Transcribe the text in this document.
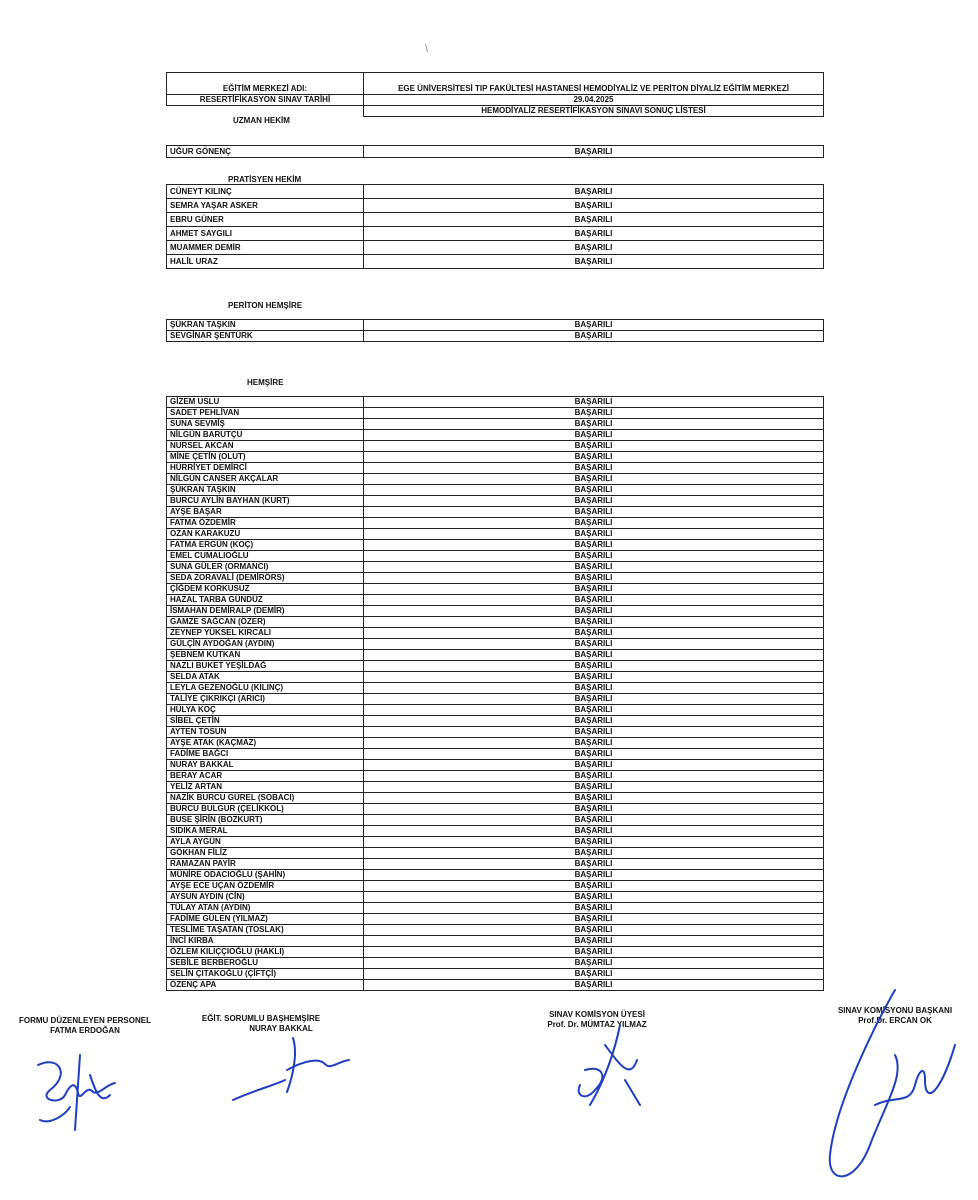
EĞİTİM MERKEZİ ADI:	EGE ÜNİVERSİTESİ TIP FAKÜLTESİ HASTANESİ HEMODİYALİZ VE PERİTON DİYALİZ EĞİTİM MERKEZİ
RESERTİFİKASYON SINAV TARİHİ	29.04.2025
	HEMODİYALİZ RESERTİFİKASYON SINAVI SONUÇ LİSTESİ
UZMAN HEKİM
UĞUR GÖNENÇ	BAŞARILI
PRATİSYEN HEKİM
CÜNEYT KILINÇ	BAŞARILI
SEMRA YAŞAR ASKER	BAŞARILI
EBRU GÜNER	BAŞARILI
AHMET SAYGILI	BAŞARILI
MUAMMER DEMİR	BAŞARILI
HALİL URAZ	BAŞARILI
PERİTON HEMŞİRE
ŞÜKRAN TAŞKIN	BAŞARILI
SEVGİNAR ŞENTÜRK	BAŞARILI
HEMŞİRE
GİZEM USLU	BAŞARILI
SADET PEHLİVAN	BAŞARILI
SUNA SEVMİŞ	BAŞARILI
NİLGÜN BARUTÇU	BAŞARILI
NURSEL AKCAN	BAŞARILI
MİNE ÇETİN (OLUT)	BAŞARILI
HÜRRİYET DEMİRCİ	BAŞARILI
NİLGÜN CANSER AKÇALAR	BAŞARILI
ŞÜKRAN TAŞKIN	BAŞARILI
BURCU AYLİN BAYHAN (KURT)	BAŞARILI
AYŞE BAŞAR	BAŞARILI
FATMA ÖZDEMİR	BAŞARILI
OZAN KARAKUZU	BAŞARILI
FATMA ERGÜN (KOÇ)	BAŞARILI
EMEL CUMALIOĞLU	BAŞARILI
SUNA GÜLER (ORMANCI)	BAŞARILI
SEDA ZORAVALİ (DEMİRÖRS)	BAŞARILI
ÇİĞDEM KORKUSUZ	BAŞARILI
HAZAL TARBA GÜNDÜZ	BAŞARILI
İSMAHAN DEMİRALP (DEMİR)	BAŞARILI
GAMZE SAĞCAN (ÖZER)	BAŞARILI
ZEYNEP YÜKSEL KIRCALI	BAŞARILI
GÜLÇİN AYDOĞAN (AYDIN)	BAŞARILI
ŞEBNEM KUTKAN	BAŞARILI
NAZLI BUKET YEŞİLDAĞ	BAŞARILI
SELDA ATAK	BAŞARILI
LEYLA GEZENOĞLU (KILINÇ)	BAŞARILI
TALİYE ÇIKRIKÇI (ARICI)	BAŞARILI
HÜLYA KOÇ	BAŞARILI
SİBEL ÇETİN	BAŞARILI
AYTEN TOSUN	BAŞARILI
AYŞE ATAK (KAÇMAZ)	BAŞARILI
FADİME BAĞCI	BAŞARILI
NURAY BAKKAL	BAŞARILI
BERAY ACAR	BAŞARILI
YELİZ ARTAN	BAŞARILI
NAZİK BURCU GÜREL (SOBACI)	BAŞARILI
BURCU BULGUR (ÇELİKKOL)	BAŞARILI
BUSE ŞİRİN (BOZKURT)	BAŞARILI
SIDIKA MERAL	BAŞARILI
AYLA AYGÜN	BAŞARILI
GÖKHAN FİLİZ	BAŞARILI
RAMAZAN PAYİR	BAŞARILI
MÜNİRE ODACIOĞLU (ŞAHİN)	BAŞARILI
AYŞE ECE UÇAN ÖZDEMİR	BAŞARILI
AYSUN AYDIN (CİN)	BAŞARILI
TÜLAY ATAN (AYDIN)	BAŞARILI
FADİME GÜLEN (YILMAZ)	BAŞARILI
TESLİME TAŞATAN (TOSLAK)	BAŞARILI
İNCİ KIRBA	BAŞARILI
ÖZLEM KILIÇÇIOĞLU (HAKLI)	BAŞARILI
SEBİLE BERBEROĞLU	BAŞARILI
SELİN ÇITAKOĞLU (ÇİFTÇİ)	BAŞARILI
ÖZENÇ APA	BAŞARILI
FORMU DÜZENLEYEN PERSONEL
FATMA ERDOĞAN
EĞİT. SORUMLU BAŞHEMŞİRE
NURAY BAKKAL
SINAV KOMİSYON ÜYESİ
Prof. Dr. MÜMTAZ YILMAZ
SINAV KOMİSYONU BAŞKANI
Prof.Dr. ERCAN OK
